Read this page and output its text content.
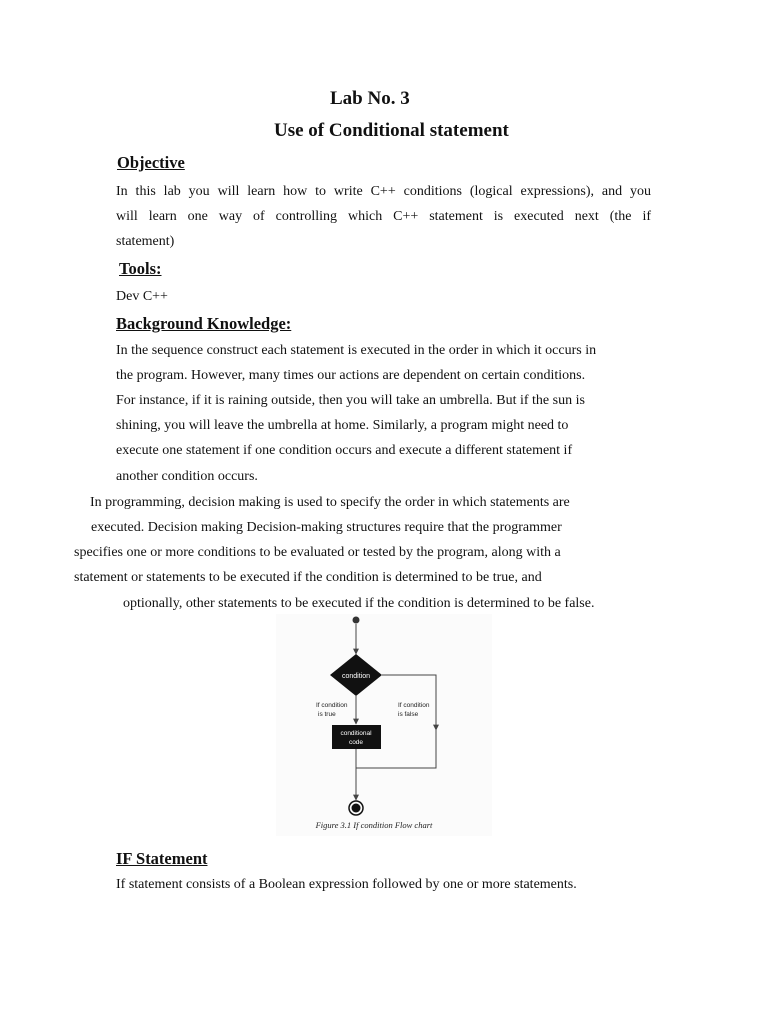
Lab No. 3
Use of Conditional statement
Objective
In this lab you will learn how to write C++ conditions (logical expressions), and you
will learn one way of controlling which C++ statement is executed next (the if
statement)
Tools:
Dev C++
Background Knowledge:
In the sequence construct each statement is executed in the order in which it occurs in
the program. However, many times our actions are dependent on certain conditions.
For instance, if it is raining outside, then you will take an umbrella. But if the sun is
shining, you will leave the umbrella at home. Similarly, a program might need to
execute one statement if one condition occurs and execute a different statement if
another condition occurs.
In programming, decision making is used to specify the order in which statements are
executed. Decision making Decision-making structures require that the programmer
specifies one or more conditions to be evaluated or tested by the program, along with a
statement or statements to be executed if the condition is determined to be true, and
optionally, other statements to be executed if the condition is determined to be false.
condition
If condition
is true
If condition
is false
conditional
code
Figure 3.1 If condition Flow chart
IF Statement
If statement consists of a Boolean expression followed by one or more statements.
